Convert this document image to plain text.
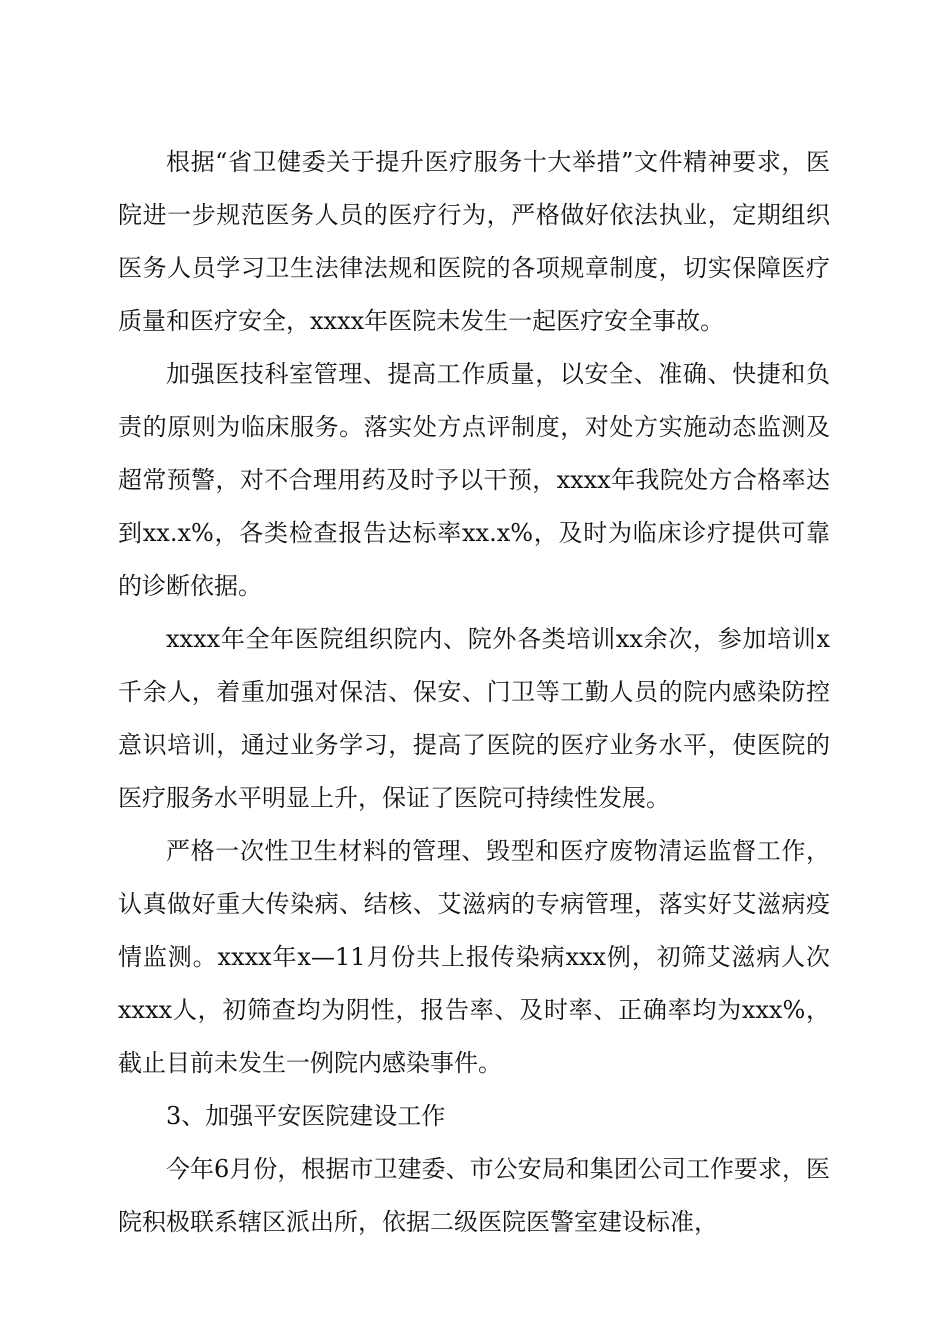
根据“省卫健委关于提升医疗服务十大举措”文件精神要求，医院进一步规范医务人员的医疗行为，严格做好依法执业，定期组织医务人员学习卫生法律法规和医院的各项规章制度，切实保障医疗质量和医疗安全，xxxx年医院未发生一起医疗安全事故。

加强医技科室管理、提高工作质量，以安全、准确、快捷和负责的原则为临床服务。落实处方点评制度，对处方实施动态监测及超常预警，对不合理用药及时予以干预，xxxx年我院处方合格率达到xx.x%，各类检查报告达标率xx.x%，及时为临床诊疗提供可靠的诊断依据。

xxxx年全年医院组织院内、院外各类培训xx余次，参加培训x千余人，着重加强对保洁、保安、门卫等工勤人员的院内感染防控意识培训，通过业务学习，提高了医院的医疗业务水平，使医院的医疗服务水平明显上升，保证了医院可持续性发展。

严格一次性卫生材料的管理、毁型和医疗废物清运监督工作，认真做好重大传染病、结核、艾滋病的专病管理，落实好艾滋病疫情监测。xxxx年x—11月份共上报传染病xxx例，初筛艾滋病人次xxxx人，初筛查均为阴性，报告率、及时率、正确率均为xxx%，截止目前未发生一例院内感染事件。

3、加强平安医院建设工作

今年6月份，根据市卫建委、市公安局和集团公司工作要求，医院积极联系辖区派出所，依据二级医院医警室建设标准，
